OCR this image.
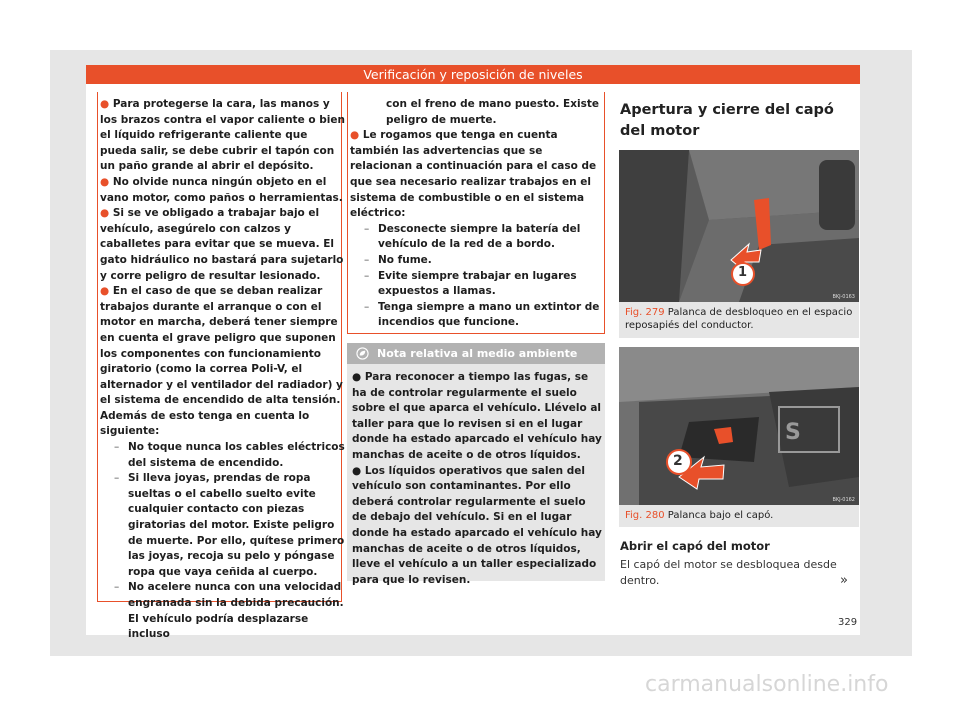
Verificación y reposición de niveles

● Para protegerse la cara, las manos y los brazos contra el vapor caliente o bien el líquido refrigerante caliente que pueda salir, se debe cubrir el tapón con un paño grande al abrir el depósito.

● No olvide nunca ningún objeto en el vano motor, como paños o herramientas.

● Si se ve obligado a trabajar bajo el vehículo, asegúrelo con calzos y caballetes para evitar que se mueva. El gato hidráulico no bastará para sujetarlo y corre peligro de resultar lesionado.

● En el caso de que se deban realizar trabajos durante el arranque o con el motor en marcha, deberá tener siempre en cuenta el grave peligro que suponen los componentes con funcionamiento giratorio (como la correa Poli-V, el alternador y el ventilador del radiador) y el sistema de encendido de alta tensión. Además de esto tenga en cuenta lo siguiente:

– No toque nunca los cables eléctricos del sistema de encendido.

– Si lleva joyas, prendas de ropa sueltas o el cabello suelto evite cualquier contacto con piezas giratorias del motor. Existe peligro de muerte. Por ello, quítese primero las joyas, recoja su pelo y póngase ropa que vaya ceñida al cuerpo.

– No acelere nunca con una velocidad engranada sin la debida precaución. El vehículo podría desplazarse incluso

con el freno de mano puesto. Existe peligro de muerte.

● Le rogamos que tenga en cuenta también las advertencias que se relacionan a continuación para el caso de que sea necesario realizar trabajos en el sistema de combustible o en el sistema eléctrico:

– Desconecte siempre la batería del vehículo de la red de a bordo.

– No fume.

– Evite siempre trabajar en lugares expuestos a llamas.

– Tenga siempre a mano un extintor de incendios que funcione.

Nota relativa al medio ambiente

● Para reconocer a tiempo las fugas, se ha de controlar regularmente el suelo sobre el que aparca el vehículo. Llévelo al taller para que lo revisen si en el lugar donde ha estado aparcado el vehículo hay manchas de aceite o de otros líquidos.

● Los líquidos operativos que salen del vehículo son contaminantes. Por ello deberá controlar regularmente el suelo de debajo del vehículo. Si en el lugar donde ha estado aparcado el vehículo hay manchas de aceite o de otros líquidos, lleve el vehículo a un taller especializado para que lo revisen.

Apertura y cierre del capó del motor
1
BKJ-0163
Fig. 279 Palanca de desbloqueo en el espacio reposapiés del conductor.
S
2
BKJ-0162
Fig. 280 Palanca bajo el capó.
Abrir el capó del motor
El capó del motor se desbloquea desde dentro.	»
329
carmanualsonline.info
